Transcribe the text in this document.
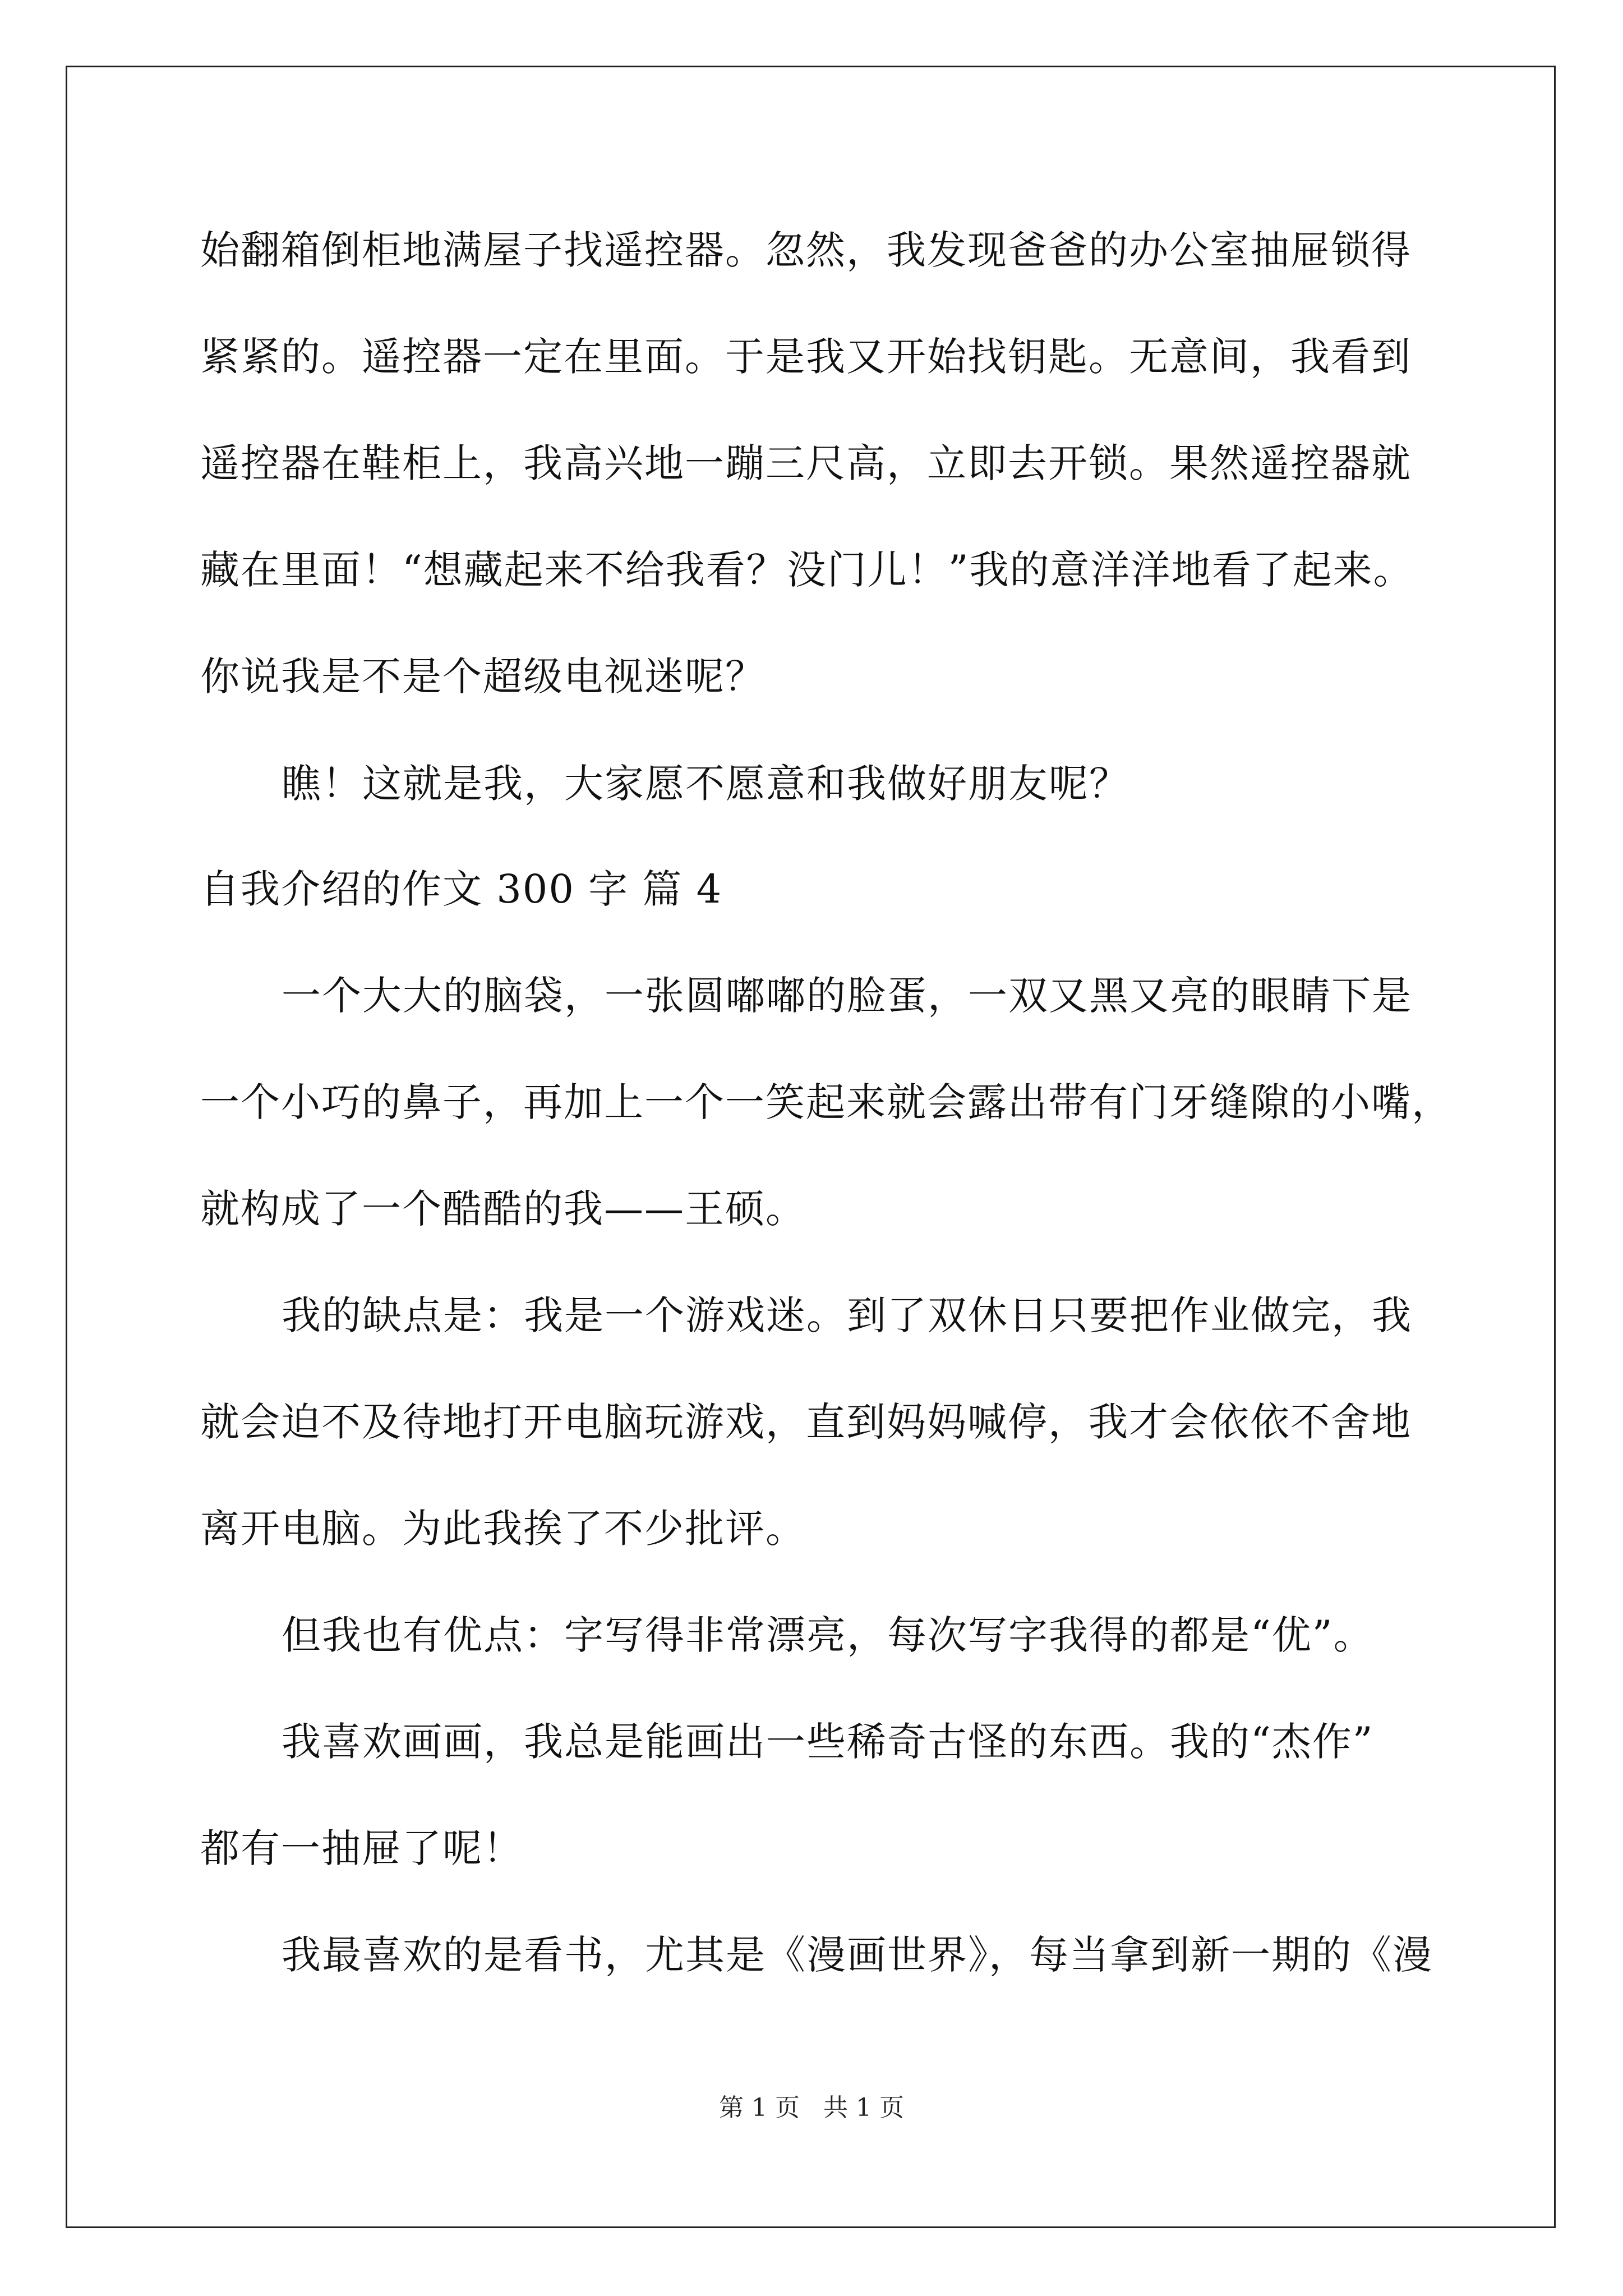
始翻箱倒柜地满屋子找遥控器。忽然，我发现爸爸的办公室抽屉锁得
紧紧的。遥控器一定在里面。于是我又开始找钥匙。无意间，我看到
遥控器在鞋柜上，我高兴地一蹦三尺高，立即去开锁。果然遥控器就
藏在里面！“想藏起来不给我看？没门儿！”我的意洋洋地看了起来。
你说我是不是个超级电视迷呢？
瞧！这就是我，大家愿不愿意和我做好朋友呢？
自我介绍的作文 300 字 篇 4
一个大大的脑袋，一张圆嘟嘟的脸蛋，一双又黑又亮的眼睛下是
一个小巧的鼻子，再加上一个一笑起来就会露出带有门牙缝隙的小嘴，
就构成了一个酷酷的我——王硕。
我的缺点是：我是一个游戏迷。到了双休日只要把作业做完，我
就会迫不及待地打开电脑玩游戏，直到妈妈喊停，我才会依依不舍地
离开电脑。为此我挨了不少批评。
但我也有优点：字写得非常漂亮，每次写字我得的都是“优”。
我喜欢画画，我总是能画出一些稀奇古怪的东西。我的“杰作”
都有一抽屉了呢！
我最喜欢的是看书，尤其是《漫画世界》，每当拿到新一期的《漫
第 1 页   共 1 页
